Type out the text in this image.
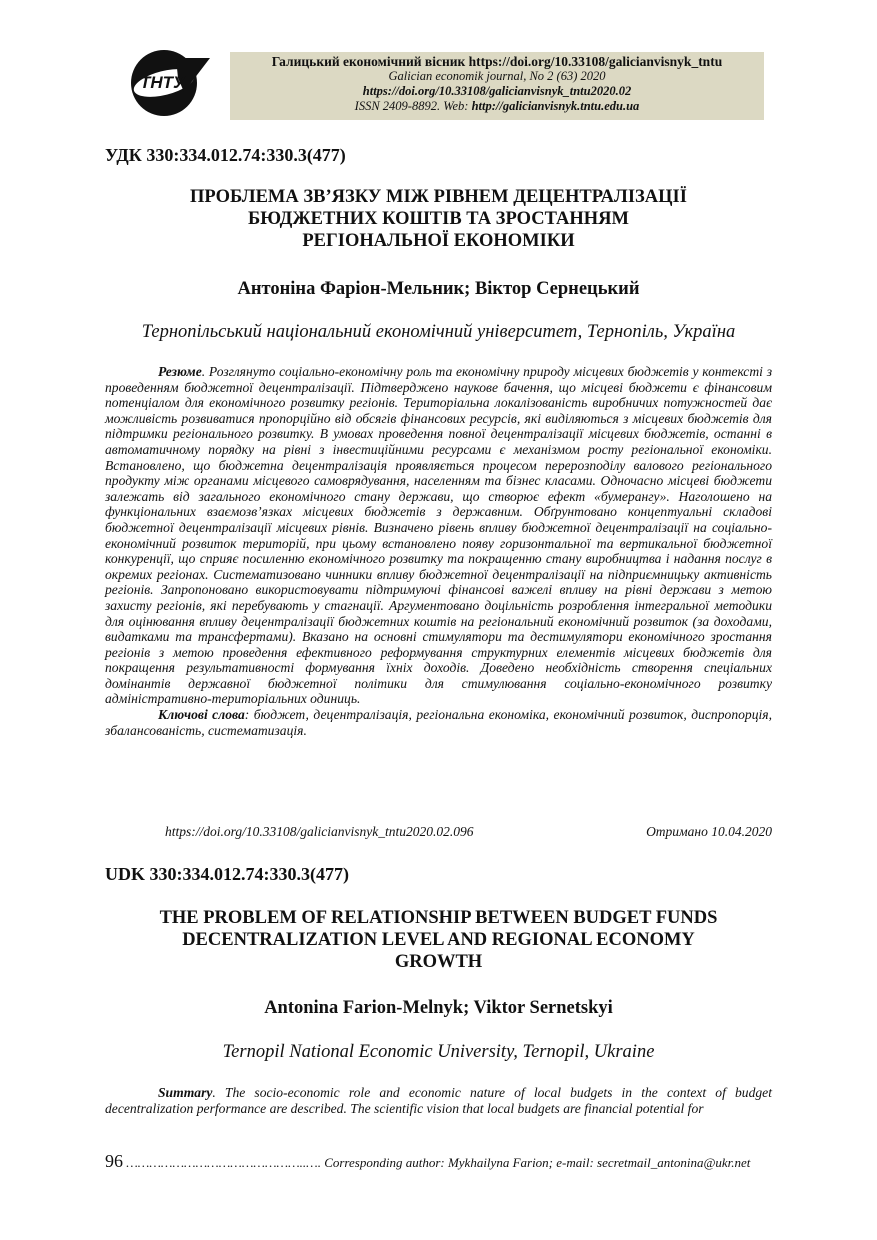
ТНТУ
Галицький економічний вісник https://doi.org/10.33108/galicianvisnyk_tntu
Galician economik journal, No 2 (63) 2020
https://doi.org/10.33108/galicianvisnyk_tntu2020.02
ISSN 2409-8892. Web: http://galicianvisnyk.tntu.edu.ua
УДК 330:334.012.74:330.3(477)
ПРОБЛЕМА ЗВ’ЯЗКУ МІЖ РІВНЕМ ДЕЦЕНТРАЛІЗАЦІЇ
БЮДЖЕТНИХ КОШТІВ ТА ЗРОСТАННЯМ
РЕГІОНАЛЬНОЇ ЕКОНОМІКИ
Антоніна Фаріон-Мельник; Віктор Сернецький
Тернопільський національний економічний університет, Тернопіль, Україна

Резюме. Розглянуто соціально-економічну роль та економічну природу місцевих бюджетів у контексті з проведенням бюджетної децентралізації. Підтверджено наукове бачення, що місцеві бюджети є фінансовим потенціалом для економічного розвитку регіонів. Територіальна локалізованість виробничих потужностей дає можливість розвиватися пропорційно від обсягів фінансових ресурсів, які виділяються з місцевих бюджетів для підтримки регіонального розвитку. В умовах проведення повної децентралізації місцевих бюджетів, останні в автоматичному порядку на рівні з інвестиційними ресурсами є механізмом росту регіональної економіки. Встановлено, що бюджетна децентралізація проявляється процесом перерозподілу валового регіонального продукту між органами місцевого самоврядування, населенням та бізнес класами. Одночасно місцеві бюджети залежать від загального економічного стану держави, що створює ефект «бумерангу». Наголошено на функціональних взаємозв’язках місцевих бюджетів з державним. Обґрунтовано концептуальні складові бюджетної децентралізації місцевих рівнів. Визначено рівень впливу бюджетної децентралізації на соціально-економічний розвиток територій, при цьому встановлено появу горизонтальної та вертикальної бюджетної конкуренції, що сприяє посиленню економічного розвитку та покращенню стану виробництва і надання послуг в окремих регіонах. Систематизовано чинники впливу бюджетної децентралізації на підприємницьку активність регіонів. Запропоновано використовувати підтримуючі фінансові важелі впливу на рівні держави з метою захисту регіонів, які перебувають у стагнації. Аргументовано доцільність розроблення інтегральної методики для оцінювання впливу децентралізації бюджетних коштів на регіональний економічний розвиток (за доходами, видатками та трансфертами). Вказано на основні стимулятори та дестимулятори економічного зростання регіонів з метою проведення ефективного реформування структурних елементів місцевих бюджетів для покращення результативності формування їхніх доходів. Доведено необхідність створення спеціальних домінантів державної бюджетної політики для стимулювання соціально-економічного розвитку адміністративно-територіальних одиниць.

Ключові слова: бюджет, децентралізація, регіональна економіка, економічний розвиток, диспропорція, збалансованість, систематизація.

https://doi.org/10.33108/galicianvisnyk_tntu2020.02.096	Отримано 10.04.2020
UDK 330:334.012.74:330.3(477)
THE PROBLEM OF RELATIONSHIP BETWEEN BUDGET FUNDS
DECENTRALIZATION LEVEL AND REGIONAL ECONOMY
GROWTH
Antonina Farion-Melnyk; Viktor Sernetskyi
Ternopil National Economic University, Ternopil, Ukraine

Summary. The socio-economic role and economic nature of local budgets in the context of budget decentralization performance are described. The scientific vision that local budgets are financial potential for

96 ………………………………………..…. Corresponding author: Mykhailyna Farion; e-mail: secretmail_antonina@ukr.net
